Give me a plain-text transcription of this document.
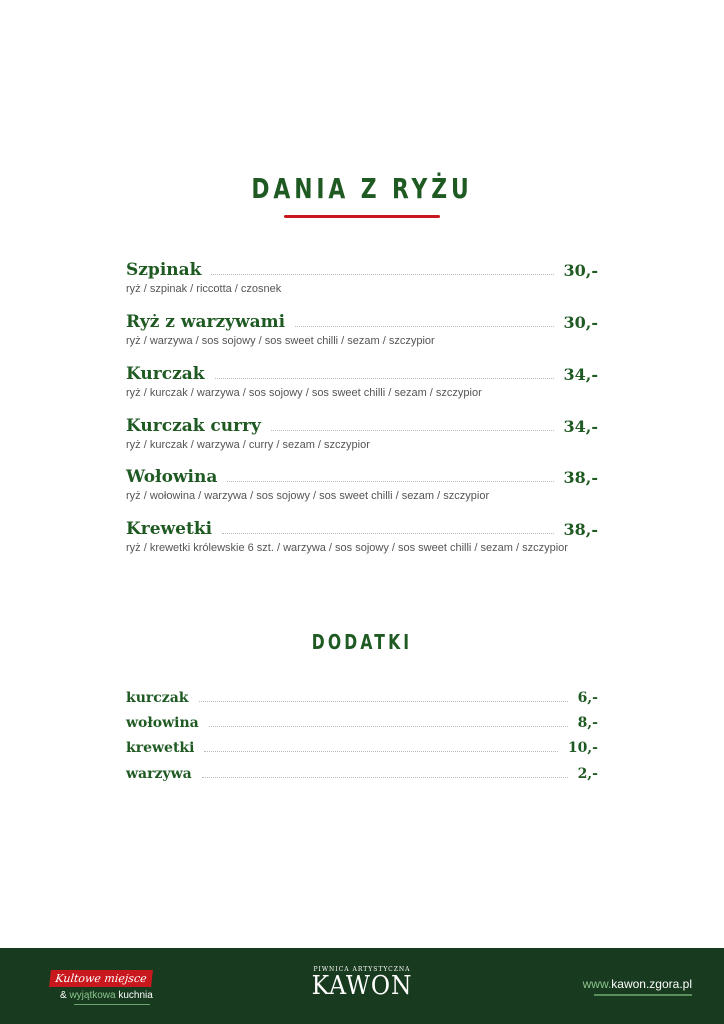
DANIA Z RYŻU
Szpinak	30,-
ryż / szpinak / riccotta / czosnek
Ryż z warzywami	30,-
ryż / warzywa / sos sojowy / sos sweet chilli / sezam / szczypior
Kurczak	34,-
ryż / kurczak / warzywa / sos sojowy / sos sweet chilli / sezam / szczypior
Kurczak curry	34,-
ryż / kurczak / warzywa / curry / sezam / szczypior
Wołowina	38,-
ryż / wołowina / warzywa / sos sojowy / sos sweet chilli / sezam / szczypior
Krewetki	38,-
ryż / krewetki królewskie 6 szt. / warzywa / sos sojowy / sos sweet chilli / sezam / szczypior
DODATKI
kurczak	6,-
wołowina	8,-
krewetki	10,-
warzywa	2,-
Kultowe miejsce
& wyjątkowa kuchnia
PIWNICA ARTYSTYCZNA
KAWON	www.kawon.zgora.pl
